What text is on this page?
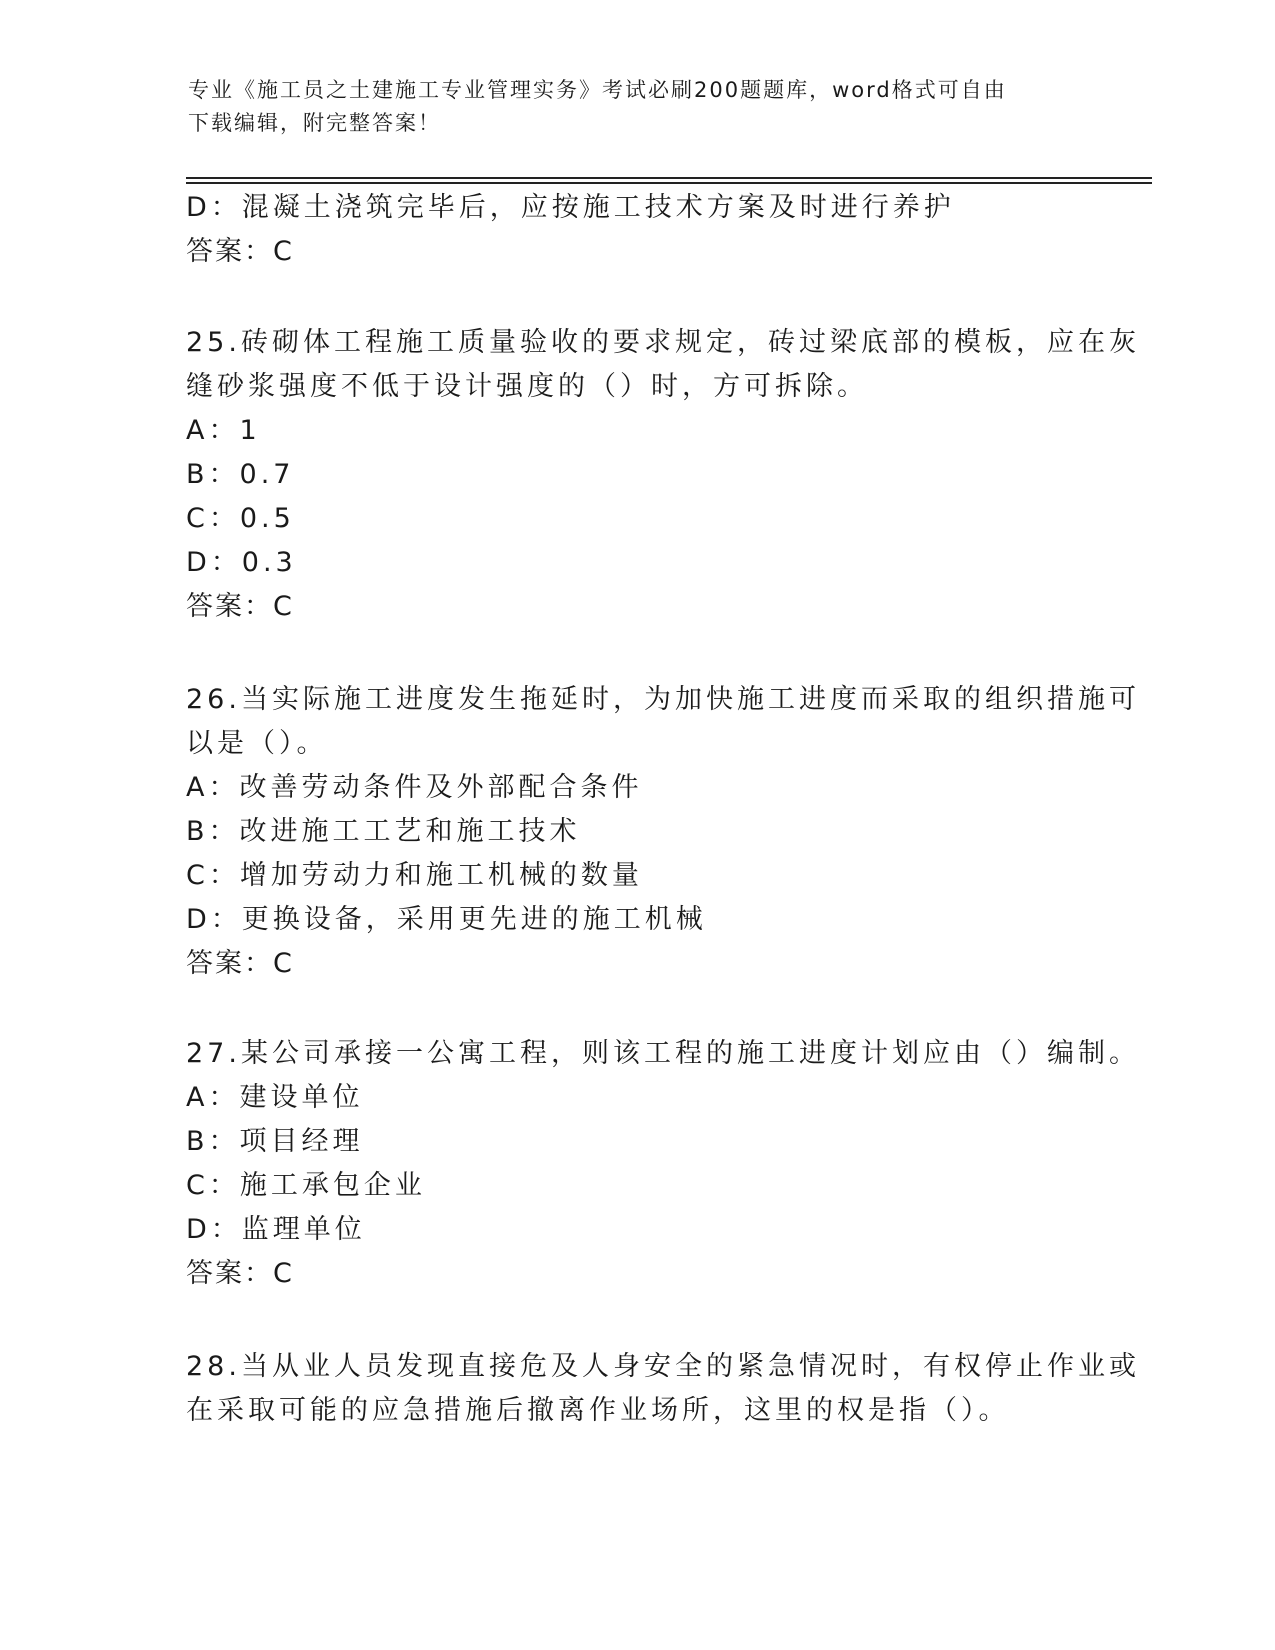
专业《施工员之土建施工专业管理实务》考试必刷200题题库，word格式可自由
下载编辑，附完整答案！
D：混凝土浇筑完毕后，应按施工技术方案及时进行养护
答案：C
25.砖砌体工程施工质量验收的要求规定，砖过梁底部的模板，应在灰
缝砂浆强度不低于设计强度的（）时，方可拆除。
A：1
B：0.7
C：0.5
D：0.3
答案：C
26.当实际施工进度发生拖延时，为加快施工进度而采取的组织措施可
以是（）。
A：改善劳动条件及外部配合条件
B：改进施工工艺和施工技术
C：增加劳动力和施工机械的数量
D：更换设备，采用更先进的施工机械
答案：C
27.某公司承接一公寓工程，则该工程的施工进度计划应由（）编制。
A：建设单位
B：项目经理
C：施工承包企业
D：监理单位
答案：C
28.当从业人员发现直接危及人身安全的紧急情况时，有权停止作业或
在采取可能的应急措施后撤离作业场所，这里的权是指（）。
